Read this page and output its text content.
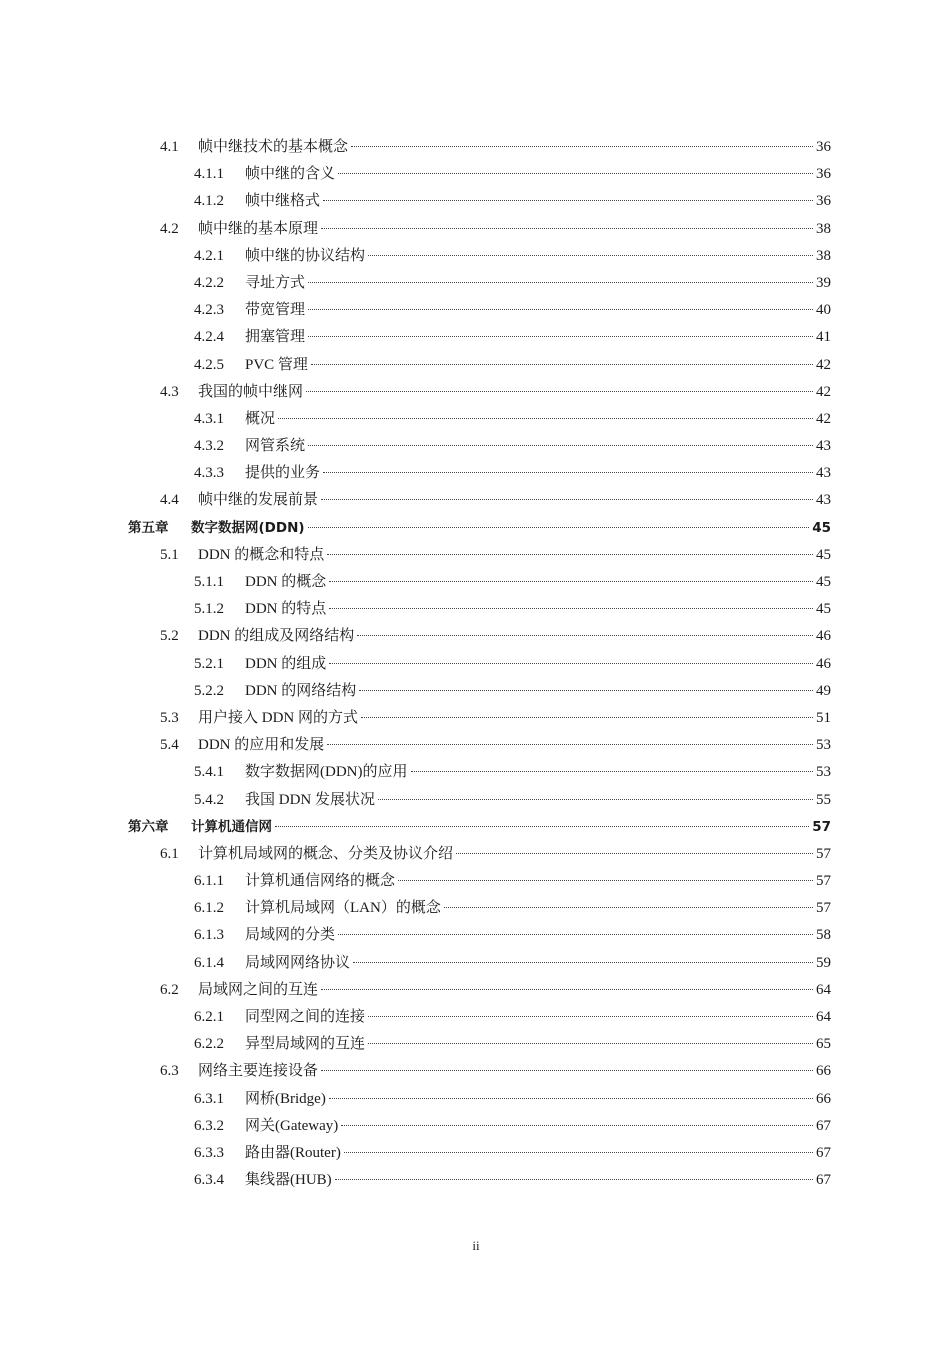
4.1	帧中继技术的基本概念	36
4.1.1	帧中继的含义	36
4.1.2	帧中继格式	36
4.2	帧中继的基本原理	38
4.2.1	帧中继的协议结构	38
4.2.2	寻址方式	39
4.2.3	带宽管理	40
4.2.4	拥塞管理	41
4.2.5	PVC 管理	42
4.3	我国的帧中继网	42
4.3.1	概况	42
4.3.2	网管系统	43
4.3.3	提供的业务	43
4.4	帧中继的发展前景	43
第五章	数字数据网(DDN)	45
5.1	DDN 的概念和特点	45
5.1.1	DDN 的概念	45
5.1.2	DDN 的特点	45
5.2	DDN 的组成及网络结构	46
5.2.1	DDN 的组成	46
5.2.2	DDN 的网络结构	49
5.3	用户接入 DDN 网的方式	51
5.4	DDN 的应用和发展	53
5.4.1	数字数据网(DDN)的应用	53
5.4.2	我国 DDN 发展状况	55
第六章	计算机通信网	57
6.1	计算机局域网的概念、分类及协议介绍	57
6.1.1	计算机通信网络的概念	57
6.1.2	计算机局域网（LAN）的概念	57
6.1.3	局域网的分类	58
6.1.4	局域网网络协议	59
6.2	局域网之间的互连	64
6.2.1	同型网之间的连接	64
6.2.2	异型局域网的互连	65
6.3	网络主要连接设备	66
6.3.1	网桥(Bridge)	66
6.3.2	网关(Gateway)	67
6.3.3	路由器(Router)	67
6.3.4	集线器(HUB)	67
ii
